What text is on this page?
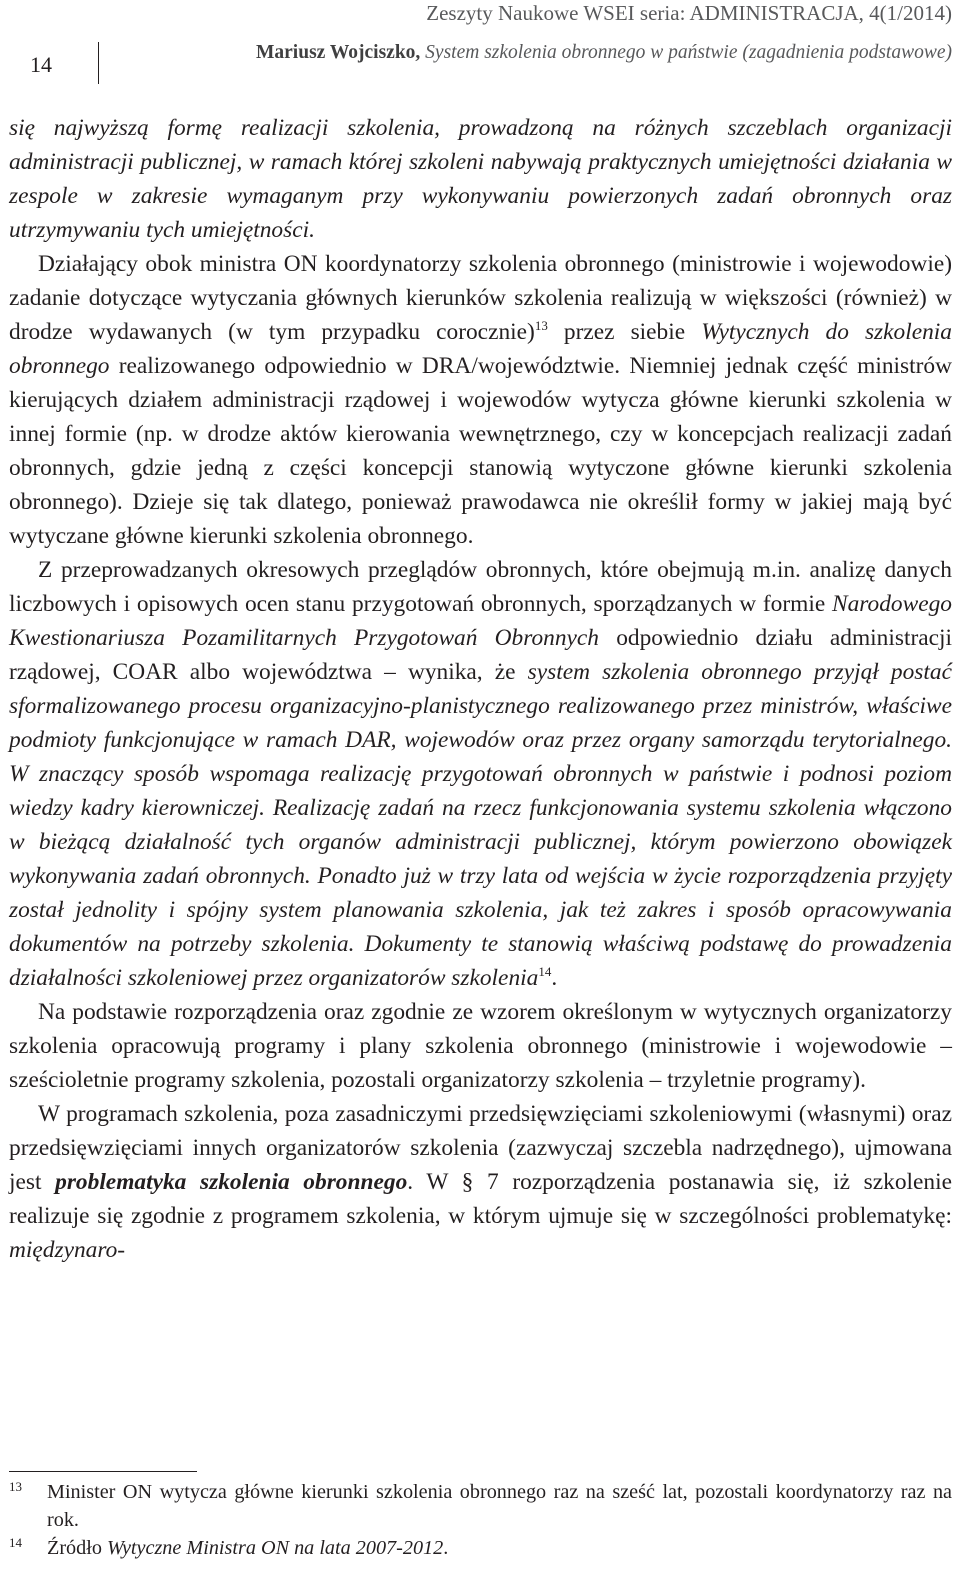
Zeszyty Naukowe WSEI seria: ADMINISTRACJA, 4(1/2014)
14	Mariusz Wojciszko, System szkolenia obronnego w państwie (zagadnienia podstawowe)

się najwyższą formę realizacji szkolenia, prowadzoną na różnych szczeblach organizacji administracji publicznej, w ramach której szkoleni nabywają praktycznych umiejętności działania w zespole w zakresie wymaganym przy wykonywaniu powierzonych zadań obronnych oraz utrzymywaniu tych umiejętności.

Działający obok ministra ON koordynatorzy szkolenia obronnego (ministrowie i wojewodowie) zadanie dotyczące wytyczania głównych kierunków szkolenia realizują w większości (również) w drodze wydawanych (w tym przypadku corocznie)$^{13}$ przez siebie Wytycznych do szkolenia obronnego realizowanego odpowiednio w DRA/województwie. Niemniej jednak część ministrów kierujących działem administracji rządowej i wojewodów wytycza główne kierunki szkolenia w innej formie (np. w drodze aktów kierowania wewnętrznego, czy w koncepcjach realizacji zadań obronnych, gdzie jedną z części koncepcji stanowią wytyczone główne kierunki szkolenia obronnego). Dzieje się tak dlatego, ponieważ prawodawca nie określił formy w jakiej mają być wytyczane główne kierunki szkolenia obronnego.

Z przeprowadzanych okresowych przeglądów obronnych, które obejmują m.in. analizę danych liczbowych i opisowych ocen stanu przygotowań obronnych, sporządzanych w formie Narodowego Kwestionariusza Pozamilitarnych Przygotowań Obronnych odpowiednio działu administracji rządowej, COAR albo województwa – wynika, że system szkolenia obronnego przyjął postać sformalizowanego procesu organizacyjno-planistycznego realizowanego przez ministrów, właściwe podmioty funkcjonujące w ramach DAR, wojewodów oraz przez organy samorządu terytorialnego. W znaczący sposób wspomaga realizację przygotowań obronnych w państwie i podnosi poziom wiedzy kadry kierowniczej. Realizację zadań na rzecz funkcjonowania systemu szkolenia włączono w bieżącą działalność tych organów administracji publicznej, którym powierzono obowiązek wykonywania zadań obronnych. Ponadto już w trzy lata od wejścia w życie rozporządzenia przyjęty został jednolity i spójny system planowania szkolenia, jak też zakres i sposób opracowywania dokumentów na potrzeby szkolenia. Dokumenty te stanowią właściwą podstawę do prowadzenia działalności szkoleniowej przez organizatorów szkolenia$^{14}$.

Na podstawie rozporządzenia oraz zgodnie ze wzorem określonym w wytycznych organizatorzy szkolenia opracowują programy i plany szkolenia obronnego (ministrowie i wojewodowie – sześcioletnie programy szkolenia, pozostali organizatorzy szkolenia – trzyletnie programy).

W programach szkolenia, poza zasadniczymi przedsięwzięciami szkoleniowymi (własnymi) oraz przedsięwzięciami innych organizatorów szkolenia (zazwyczaj szczebla nadrzędnego), ujmowana jest problematyka szkolenia obronnego. W § 7 rozporządzenia postanawia się, iż szkolenie realizuje się zgodnie z programem szkolenia, w którym ujmuje się w szczególności problematykę: międzynaro-

13 Minister ON wytycza główne kierunki szkolenia obronnego raz na sześć lat, pozostali koordynatorzy raz na rok.
14 Źródło Wytyczne Ministra ON na lata 2007-2012.
